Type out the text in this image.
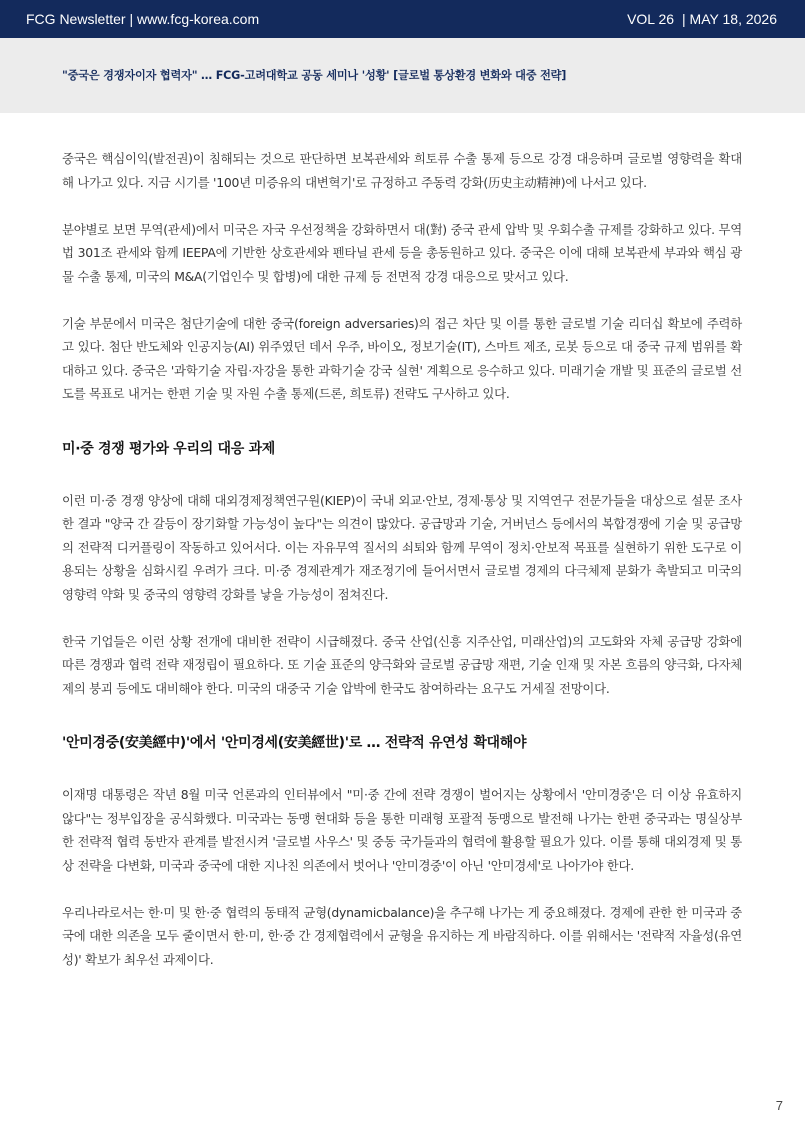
FCG Newsletter | www.fcg-korea.com	VOL 26 | MAY 18, 2026
"중국은 경쟁자이자 협력자" … FCG-고려대학교 공동 세미나 '성황' [글로벌 통상환경 변화와 대중 전략]

중국은 핵심이익(발전권)이 침해되는 것으로 판단하면 보복관세와 희토류 수출 통제 등으로 강경 대응하며 글로벌 영향력을 확대해 나가고 있다. 지금 시기를 '100년 미증유의 대변혁기'로 규정하고 주동력 강화(历史主动精神)에 나서고 있다.

분야별로 보면 무역(관세)에서 미국은 자국 우선정책을 강화하면서 대(對) 중국 관세 압박 및 우회수출 규제를 강화하고 있다. 무역법 301조 관세와 함께 IEEPA에 기반한 상호관세와 펜타닐 관세 등을 총동원하고 있다. 중국은 이에 대해 보복관세 부과와 핵심 광물 수출 통제, 미국의 M&A(기업인수 및 합병)에 대한 규제 등 전면적 강경 대응으로 맞서고 있다.

기술 부문에서 미국은 첨단기술에 대한 중국(foreign adversaries)의 접근 차단 및 이를 통한 글로벌 기술 리더십 확보에 주력하고 있다. 첨단 반도체와 인공지능(AI) 위주였던 데서 우주, 바이오, 정보기술(IT), 스마트 제조, 로봇 등으로 대 중국 규제 범위를 확대하고 있다. 중국은 '과학기술 자립·자강을 통한 과학기술 강국 실현' 계획으로 응수하고 있다. 미래기술 개발 및 표준의 글로벌 선도를 목표로 내거는 한편 기술 및 자원 수출 통제(드론, 희토류) 전략도 구사하고 있다.

미·중 경쟁 평가와 우리의 대응 과제

이런 미·중 경쟁 양상에 대해 대외경제정책연구원(KIEP)이 국내 외교·안보, 경제·통상 및 지역연구 전문가들을 대상으로 설문 조사한 결과 "양국 간 갈등이 장기화할 가능성이 높다"는 의견이 많았다. 공급망과 기술, 거버넌스 등에서의 복합경쟁에 기술 및 공급망의 전략적 디커플링이 작동하고 있어서다. 이는 자유무역 질서의 쇠퇴와 함께 무역이 정치·안보적 목표를 실현하기 위한 도구로 이용되는 상황을 심화시킬 우려가 크다. 미·중 경제관계가 재조정기에 들어서면서 글로벌 경제의 다극체제 분화가 촉발되고 미국의 영향력 약화 및 중국의 영향력 강화를 낳을 가능성이 점쳐진다.

한국 기업들은 이런 상황 전개에 대비한 전략이 시급해졌다. 중국 산업(신흥 지주산업, 미래산업)의 고도화와 자체 공급망 강화에 따른 경쟁과 협력 전략 재정립이 필요하다. 또 기술 표준의 양극화와 글로벌 공급망 재편, 기술 인재 및 자본 흐름의 양극화, 다자체제의 붕괴 등에도 대비해야 한다. 미국의 대중국 기술 압박에 한국도 참여하라는 요구도 거세질 전망이다.

'안미경중(安美經中)'에서 '안미경세(安美經世)'로 … 전략적 유연성 확대해야

이재명 대통령은 작년 8월 미국 언론과의 인터뷰에서 "미·중 간에 전략 경쟁이 벌어지는 상황에서 '안미경중'은 더 이상 유효하지 않다"는 정부입장을 공식화했다. 미국과는 동맹 현대화 등을 통한 미래형 포괄적 동맹으로 발전해 나가는 한편 중국과는 명실상부한 전략적 협력 동반자 관계를 발전시켜 '글로벌 사우스' 및 중동 국가들과의 협력에 활용할 필요가 있다. 이를 통해 대외경제 및 통상 전략을 다변화, 미국과 중국에 대한 지나친 의존에서 벗어나 '안미경중'이 아닌 '안미경세'로 나아가야 한다.

우리나라로서는 한·미 및 한·중 협력의 동태적 균형(dynamicbalance)을 추구해 나가는 게 중요해졌다. 경제에 관한 한 미국과 중국에 대한 의존을 모두 줄이면서 한·미, 한·중 간 경제협력에서 균형을 유지하는 게 바람직하다. 이를 위해서는 '전략적 자율성(유연성)' 확보가 최우선 과제이다.

7
